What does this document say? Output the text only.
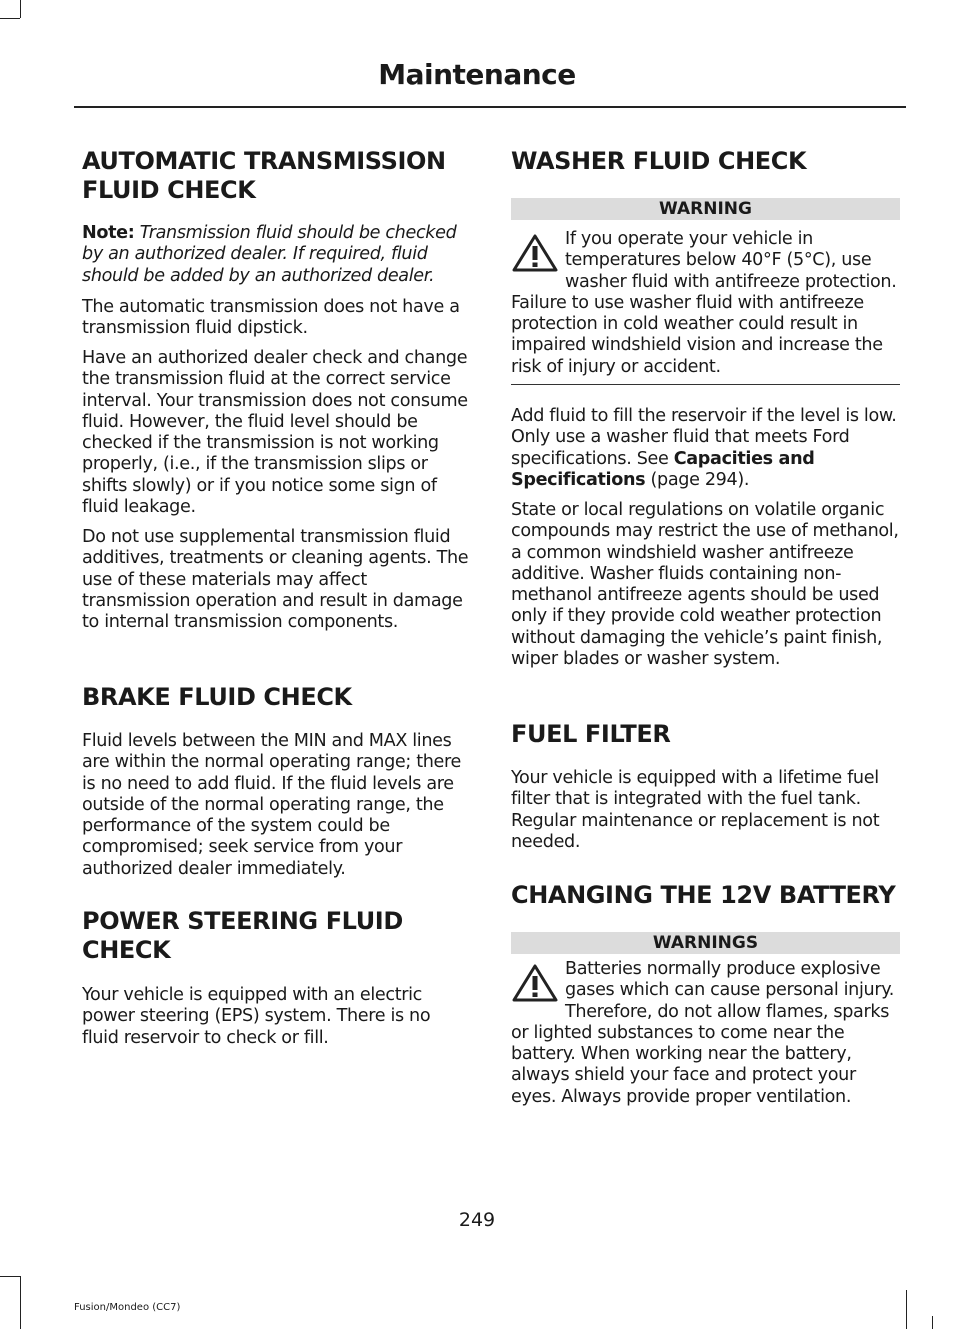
Maintenance
AUTOMATIC TRANSMISSION FLUID CHECK

Note: Transmission fluid should be checked by an authorized dealer. If required, fluid should be added by an authorized dealer.

The automatic transmission does not have a transmission fluid dipstick.

Have an authorized dealer check and change the transmission fluid at the correct service interval. Your transmission does not consume fluid. However, the fluid level should be checked if the transmission is not working properly, (i.e., if the transmission slips or shifts slowly) or if you notice some sign of fluid leakage.

Do not use supplemental transmission fluid additives, treatments or cleaning agents. The use of these materials may affect transmission operation and result in damage to internal transmission components.

BRAKE FLUID CHECK

Fluid levels between the MIN and MAX lines are within the normal operating range; there is no need to add fluid. If the fluid levels are outside of the normal operating range, the performance of the system could be compromised; seek service from your authorized dealer immediately.

POWER STEERING FLUID CHECK

Your vehicle is equipped with an electric power steering (EPS) system. There is no fluid reservoir to check or fill.

WASHER FLUID CHECK
WARNING
If you operate your vehicle in temperatures below 40°F (5°C), use washer fluid with antifreeze protection. Failure to use washer fluid with antifreeze protection in cold weather could result in impaired windshield vision and increase the risk of injury or accident.

Add fluid to fill the reservoir if the level is low. Only use a washer fluid that meets Ford specifications. See Capacities and Specifications (page 294).

State or local regulations on volatile organic compounds may restrict the use of methanol, a common windshield washer antifreeze additive. Washer fluids containing non-methanol antifreeze agents should be used only if they provide cold weather protection without damaging the vehicle’s paint finish, wiper blades or washer system.

FUEL FILTER

Your vehicle is equipped with a lifetime fuel filter that is integrated with the fuel tank. Regular maintenance or replacement is not needed.

CHANGING THE 12V BATTERY
WARNINGS
Batteries normally produce explosive gases which can cause personal injury. Therefore, do not allow flames, sparks or lighted substances to come near the battery. When working near the battery, always shield your face and protect your eyes. Always provide proper ventilation.
249
Fusion/Mondeo (CC7)
